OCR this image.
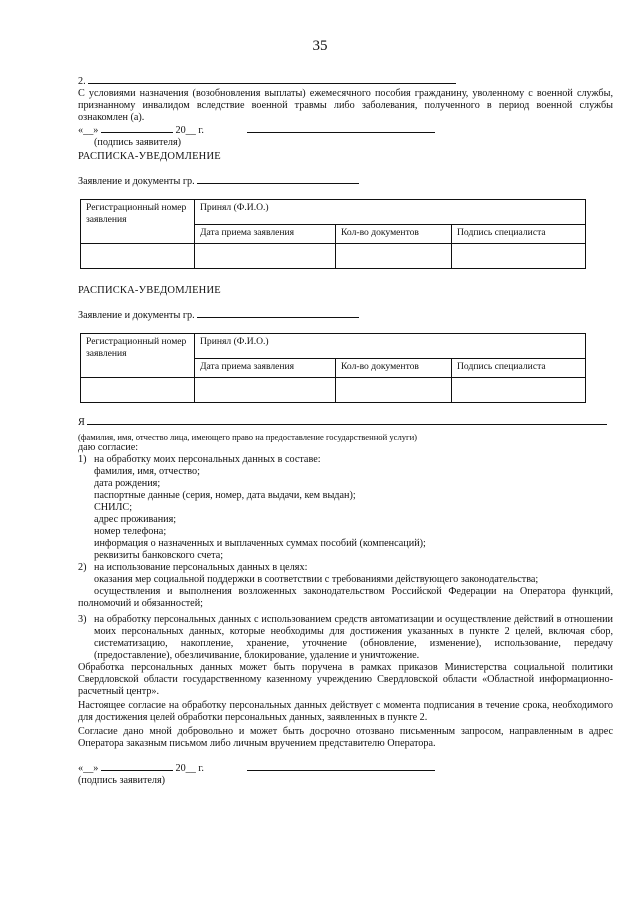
35
2.
С условиями назначения (возобновления выплаты) ежемесячного пособия гражданину, уволенному с военной службы, признанному инвалидом вследствие военной травмы либо заболевания, полученного в период военной службы ознакомлен (а).
«__»	20__ г.
(подпись заявителя)
РАСПИСКА-УВЕДОМЛЕНИЕ
Заявление и документы гр.
Регистрационный номер заявления	Принял (Ф.И.О.)		
	Дата приема заявления	Кол-во документов	Подпись специалиста

РАСПИСКА-УВЕДОМЛЕНИЕ
Заявление и документы гр.
Регистрационный номер заявления	Принял (Ф.И.О.)		
	Дата приема заявления	Кол-во документов	Подпись специалиста

Я
(фамилия, имя, отчество лица, имеющего право на предоставление государственной услуги)
даю согласие:
1) на обработку моих персональных данных в составе:
фамилия, имя, отчество;
дата рождения;
паспортные данные (серия, номер, дата выдачи, кем выдан);
СНИЛС;
адрес проживания;
номер телефона;
информация о назначенных и выплаченных суммах пособий (компенсаций);
реквизиты банковского счета;
2) на использование персональных данных в целях:
оказания мер социальной поддержки в соответствии с требованиями действующего законодательства;
осуществления и выполнения возложенных законодательством Российской Федерации на Оператора функций, полномочий и обязанностей;
3) на обработку персональных данных с использованием средств автоматизации и осуществление действий в отношении моих персональных данных, которые необходимы для достижения указанных в пункте 2 целей, включая сбор, систематизацию, накопление, хранение, уточнение (обновление, изменение), использование, передачу (предоставление), обезличивание, блокирование, удаление и уничтожение.
Обработка персональных данных может быть поручена в рамках приказов Министерства социальной политики Свердловской области государственному казенному учреждению Свердловской области «Областной информационно-расчетный центр».
Настоящее согласие на обработку персональных данных действует с момента подписания в течение срока, необходимого для достижения целей обработки персональных данных, заявленных в пункте 2.
Согласие дано мной добровольно и может быть досрочно отозвано письменным запросом, направленным в адрес Оператора заказным письмом либо личным вручением представителю Оператора.
«__»	20__ г.
(подпись заявителя)
